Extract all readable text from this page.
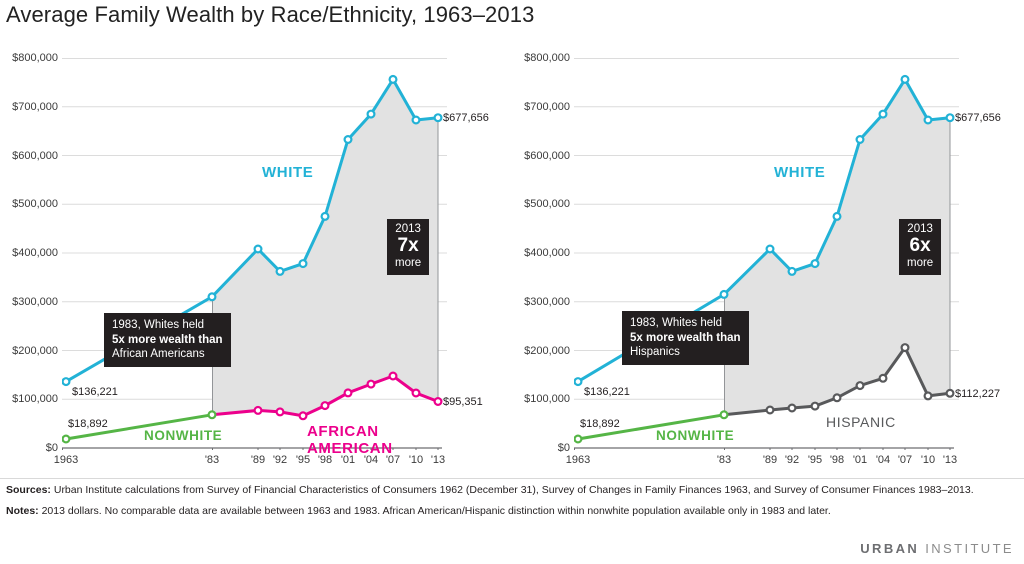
Average Family Wealth by Race/Ethnicity, 1963–2013
$800,000
$700,000
$600,000
$500,000
$400,000
$300,000
$200,000
$100,000
$0
WHITE
NONWHITE	AFRICAN AMERICAN
$136,221
$18,892
$677,656
$95,351
1983, Whites held
5x more wealth than
African Americans
2013
7x
more
1963	'83	'89 '92 '95 '98 '01 '04 '07 '10 '13
$800,000
$700,000
$600,000
$500,000
$400,000
$300,000
$200,000
$100,000
$0
WHITE
NONWHITE
HISPANIC
$136,221
$18,892
$677,656
$112,227
1983, Whites held
5x more wealth than
Hispanics
2013
6x
more
1963	'83	'89 '92 '95 '98 '01 '04 '07 '10 '13
Sources: Urban Institute calculations from Survey of Financial Characteristics of Consumers 1962 (December 31), Survey of Changes in Family Finances 1963, and Survey of Consumer Finances 1983–2013.
Notes: 2013 dollars. No comparable data are available between 1963 and 1983. African American/Hispanic distinction within nonwhite population available only in 1983 and later.
URBAN INSTITUTE
